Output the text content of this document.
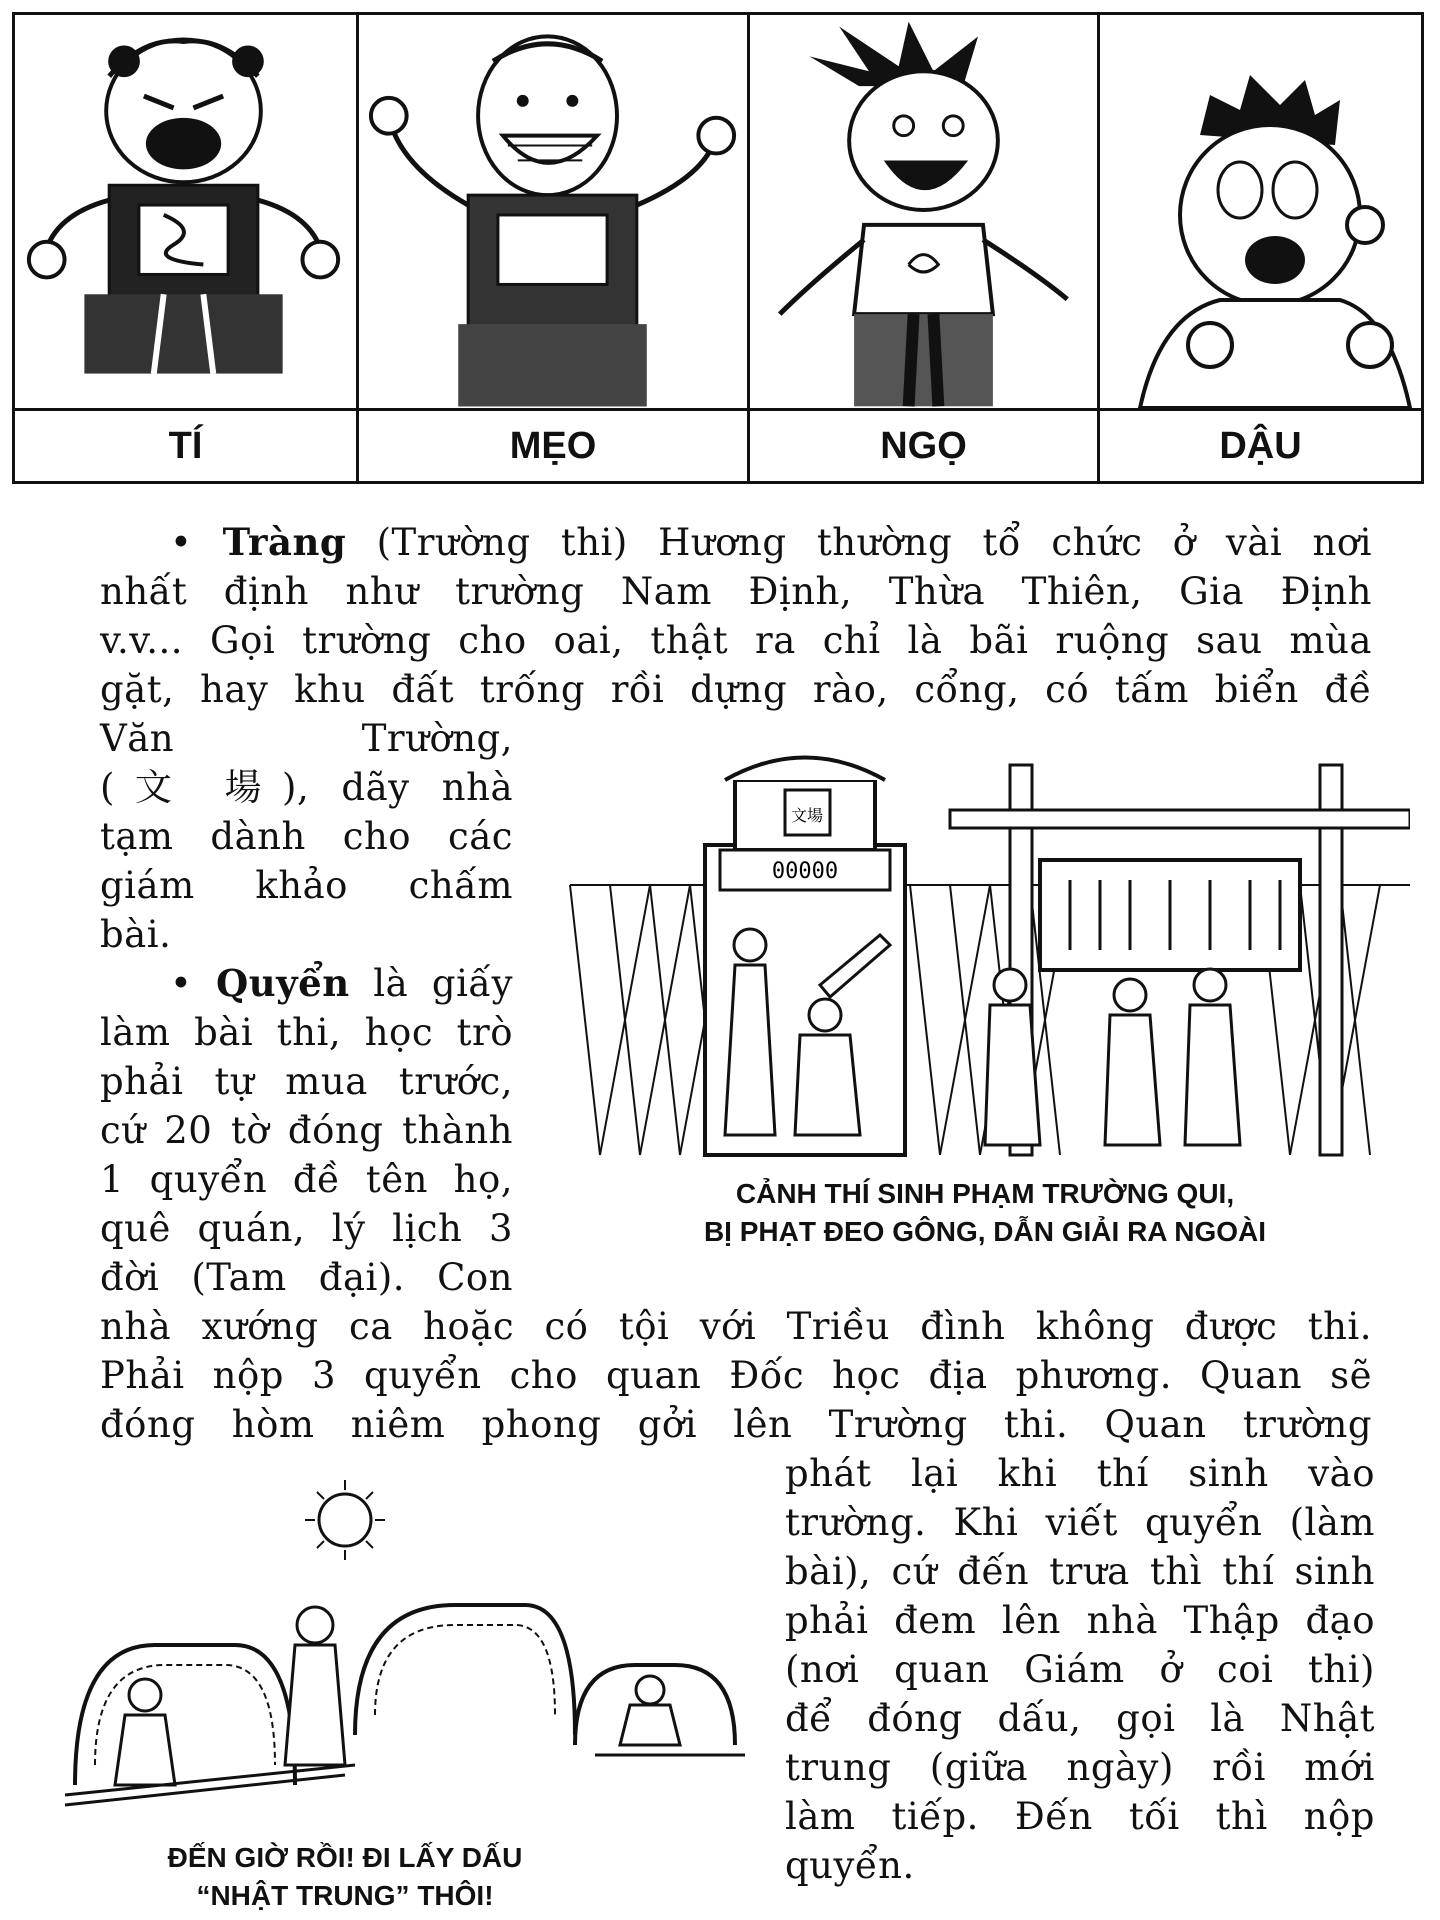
TÍ	MẸO	NGỌ	DẬU
• Tràng (Trường thi) Hương thường tổ chức ở vài nơi
nhất định như trường Nam Định, Thừa Thiên, Gia Định
v.v... Gọi trường cho oai, thật ra chỉ là bãi ruộng sau mùa
gặt, hay khu đất trống rồi dựng rào, cổng, có tấm biển đề
Văn Trường,
(文 場), dãy nhà
tạm dành cho các
giám khảo chấm
bài.
• Quyển là giấy
làm bài thi, học trò
phải tự mua trước,
cứ 20 tờ đóng thành
1 quyển đề tên họ,
quê quán, lý lịch 3
đời (Tam đại). Con
文場
00000
CẢNH THÍ SINH PHẠM TRƯỜNG QUI,
BỊ PHẠT ĐEO GÔNG, DẪN GIẢI RA NGOÀI
nhà xướng ca hoặc có tội với Triều đình không được thi.
Phải nộp 3 quyển cho quan Đốc học địa phương. Quan sẽ
đóng hòm niêm phong gởi lên Trường thi. Quan trường
phát lại khi thí sinh vào
trường. Khi viết quyển (làm
bài), cứ đến trưa thì thí sinh
phải đem lên nhà Thập đạo
(nơi quan Giám ở coi thi)
để đóng dấu, gọi là Nhật
trung (giữa ngày) rồi mới
làm tiếp. Đến tối thì nộp
quyển.
ĐẾN GIỜ RỒI! ĐI LẤY DẤU
“NHẬT TRUNG” THÔI!
